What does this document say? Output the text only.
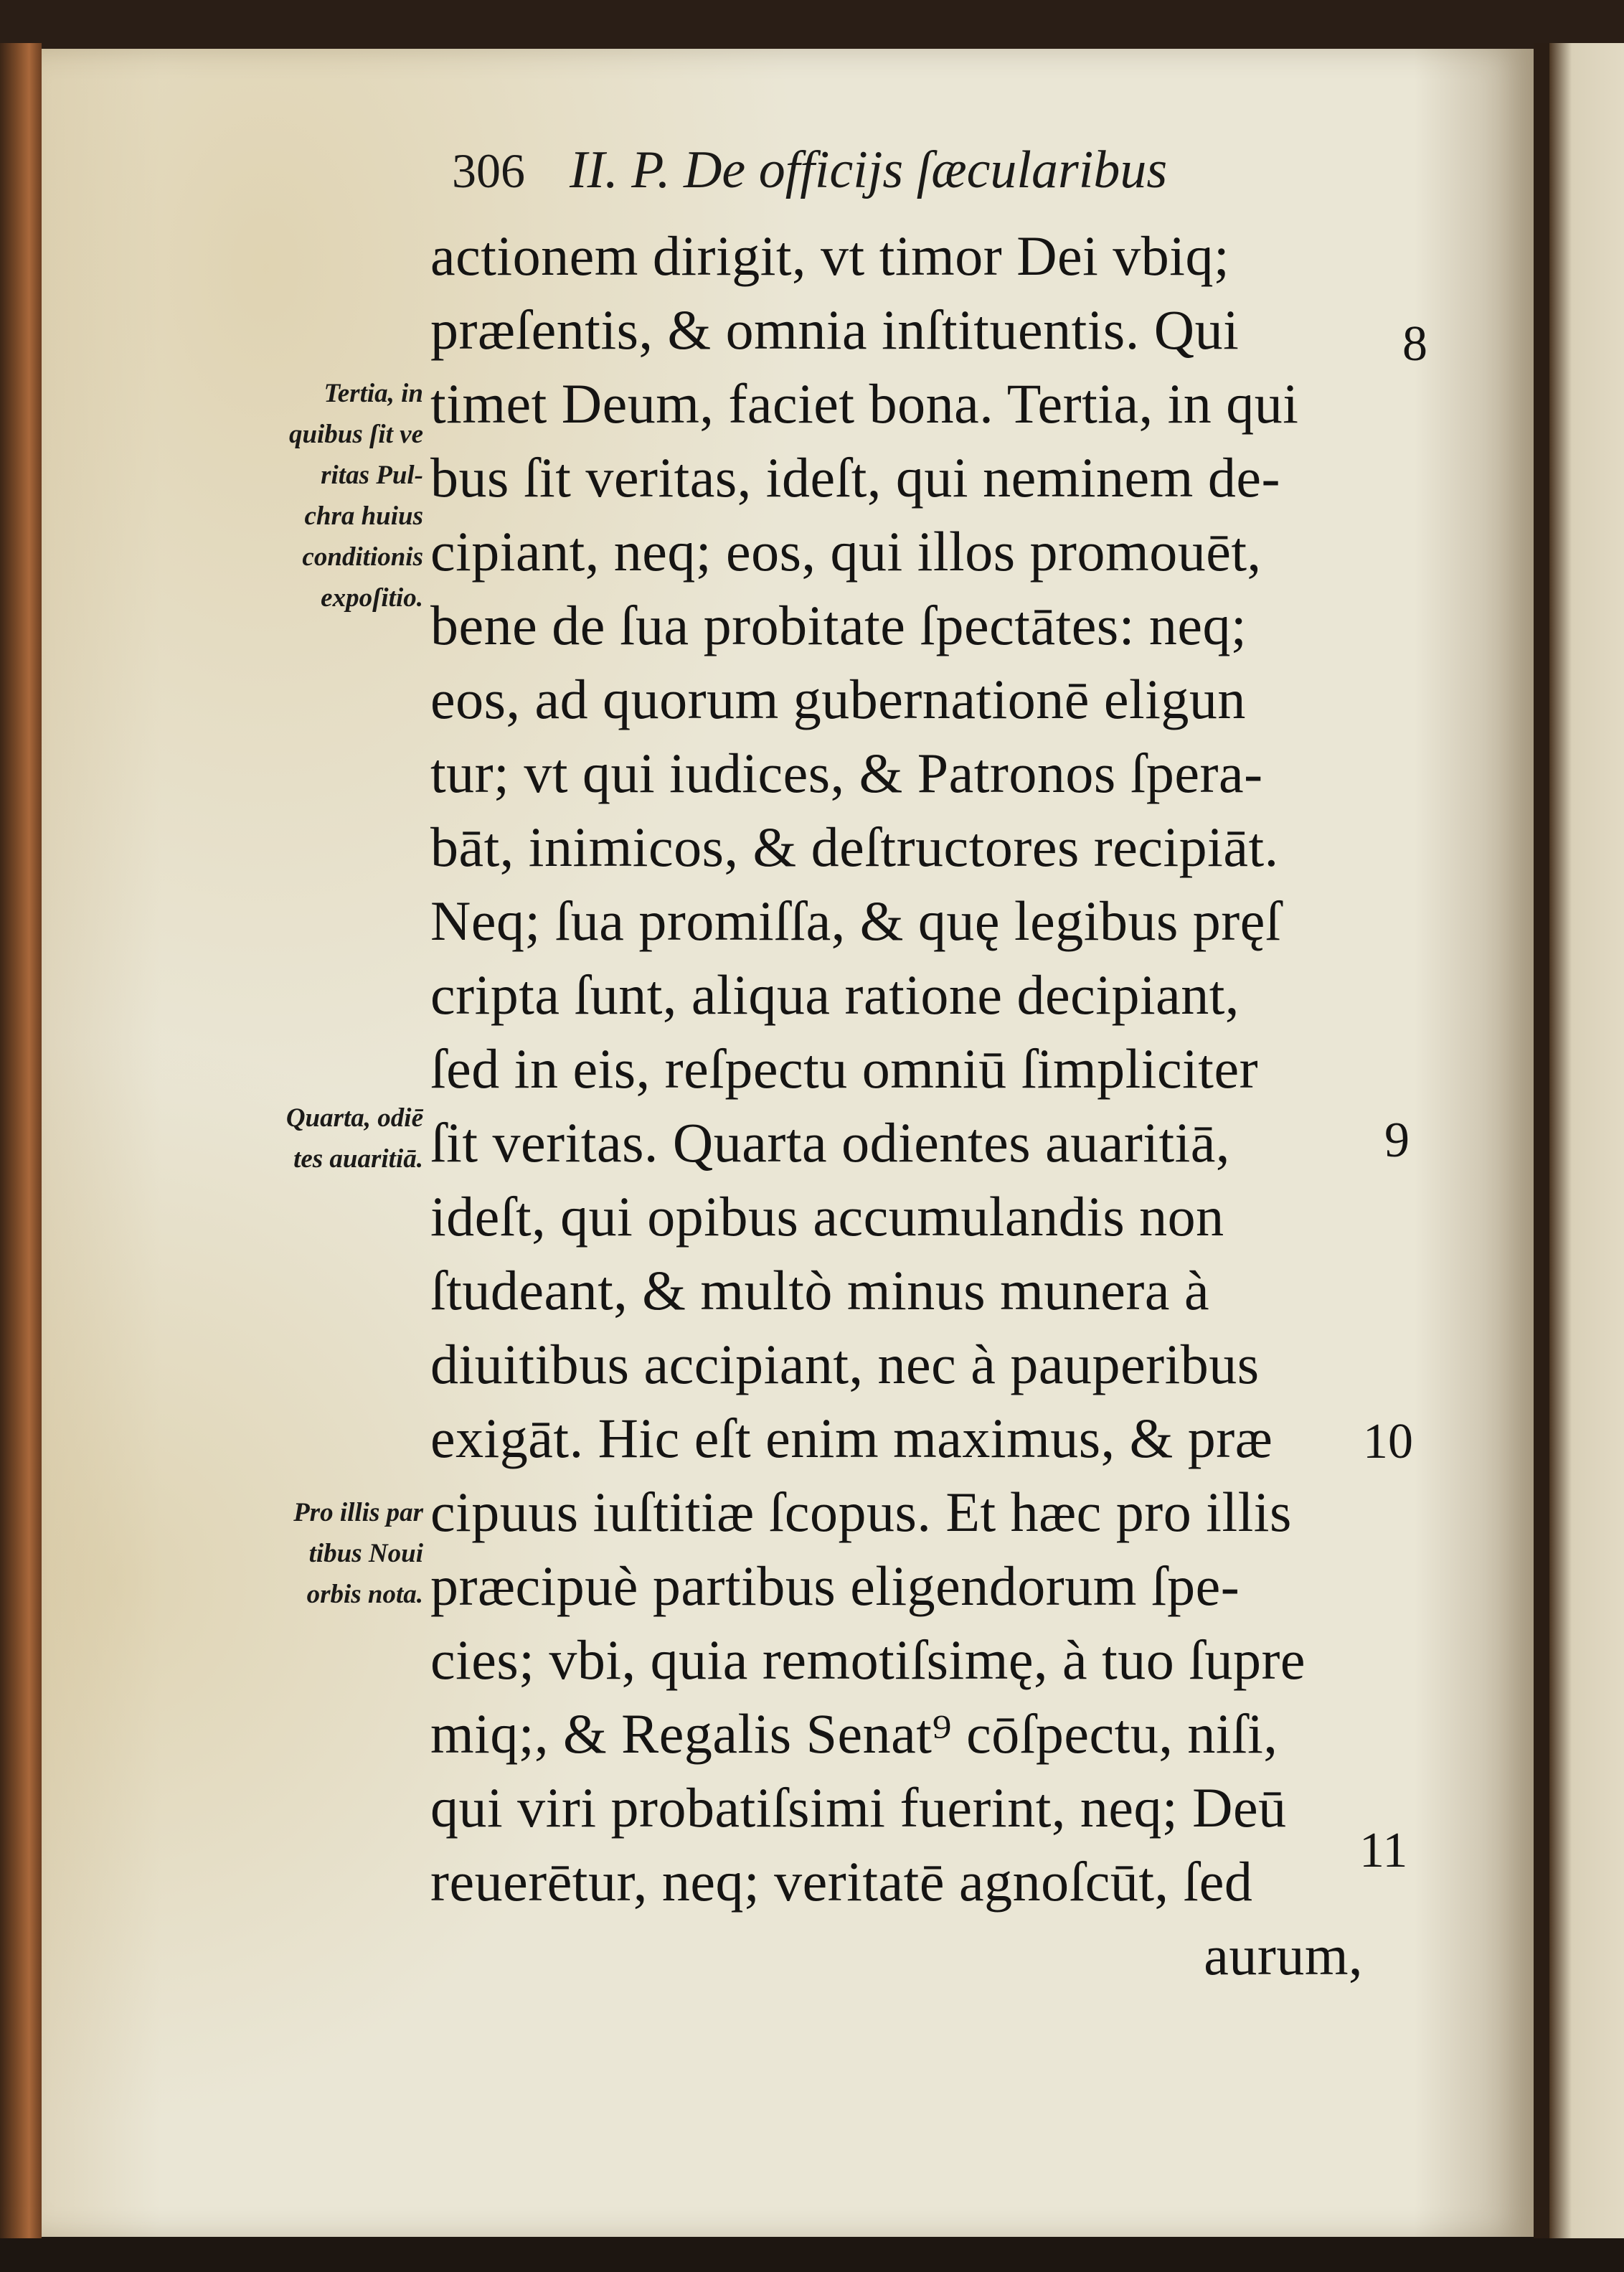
306 II. P. De officijs ſæcularibus
actionem dirigit, vt timor Dei vbiq;
præſentis, & omnia inſtituentis. Qui
timet Deum, faciet bona. Tertia, in qui
bus ſit veritas, ideſt, qui neminem de-
cipiant, neq; eos, qui illos promouēt,
bene de ſua probitate ſpectātes: neq;
eos, ad quorum gubernationē eligun
tur; vt qui iudices, & Patronos ſpera-
bāt, inimicos, & deſtructores recipiāt.
Neq; ſua promiſſa, & quę legibus pręſ
cripta ſunt, aliqua ratione decipiant,
ſed in eis, reſpectu omniū ſimpliciter
ſit veritas. Quarta odientes auaritiā,
ideſt, qui opibus accumulandis non
ſtudeant, & multò minus munera à
diuitibus accipiant, nec à pauperibus
exigāt. Hic eſt enim maximus, & præ
cipuus iuſtitiæ ſcopus. Et hæc pro illis
præcipuè partibus eligendorum ſpe-
cies; vbi, quia remotiſsimę, à tuo ſupre
miq;, & Regalis Senat⁹ cōſpectu, niſi,
qui viri probatiſsimi fuerint, neq; Deū
reuerētur, neq; veritatē agnoſcūt, ſed
aurum,
Tertia, in
quibus ſit ve
ritas Pul-
chra huius
conditionis
expoſitio.
Quarta, odiē
tes auaritiā.
Pro illis par
tibus Noui
orbis nota.
8
9
10
11
